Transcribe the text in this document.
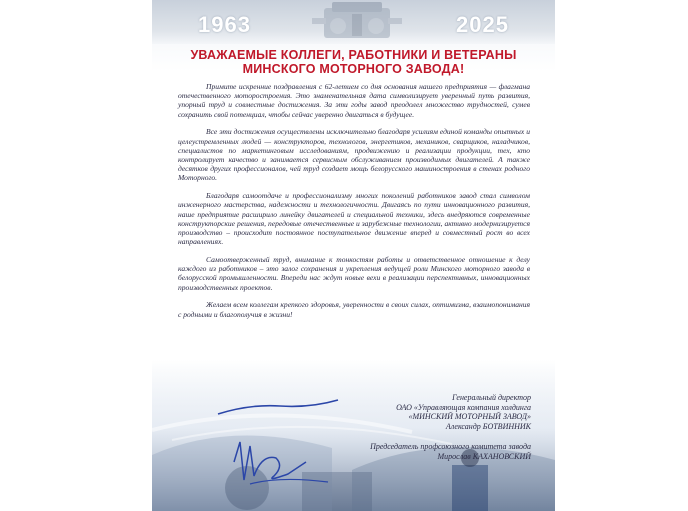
1963	2025
УВАЖАЕМЫЕ КОЛЛЕГИ, РАБОТНИКИ И ВЕТЕРАНЫ
МИНСКОГО МОТОРНОГО ЗАВОДА!

Примите искренние поздравления с 62-летием со дня основания нашего предприятия — флагмана отечественного моторостроения. Это знаменательная дата символизирует уверенный путь развития, упорный труд и совместные достижения. За эти годы завод преодолел множество трудностей, сумев сохранить свой потенциал, чтобы сейчас уверенно двигаться в будущее.

Все эти достижения осуществлены исключительно благодаря усилиям единой команды опытных и целеустремленных людей — конструкторов, технологов, энергетиков, механиков, сварщиков, наладчиков, специалистов по маркетинговым исследованиям, продвижению и реализации продукции, тех, кто контролирует качество и занимается сервисным обслуживанием производимых двигателей. А также десятков других профессионалов, чей труд создает мощь белорусского машиностроения в стенах родного Моторного.

Благодаря самоотдаче и профессионализму многих поколений работников завод стал символом инженерного мастерства, надежности и технологичности. Двигаясь по пути инновационного развития, наше предприятие расширило линейку двигателей и специальной техники, здесь внедряются современные конструкторские решения, передовые отечественные и зарубежные технологии, активно модернизируется производство – происходит постоянное поступательное движение вперед и совместный рост во всех направлениях.

Самоотверженный труд, внимание к тонкостям работы и ответственное отношение к делу каждого из работников – это залог сохранения и укрепления ведущей роли Минского моторного завода в белорусской промышленности. Впереди нас ждут новые вехи в реализации перспективных, инновационных производственных проектов.

Желаем всем коллегам крепкого здоровья, уверенности в своих силах, оптимизма, взаимопонимания с родными и благополучия в жизни!

Генеральный директор
ОАО «Управляющая компания холдинга
«МИНСКИЙ МОТОРНЫЙ ЗАВОД»
Александр БОТВИННИК
Председатель профсоюзного комитета завода
Мирослав КАХАНОВСКИЙ
